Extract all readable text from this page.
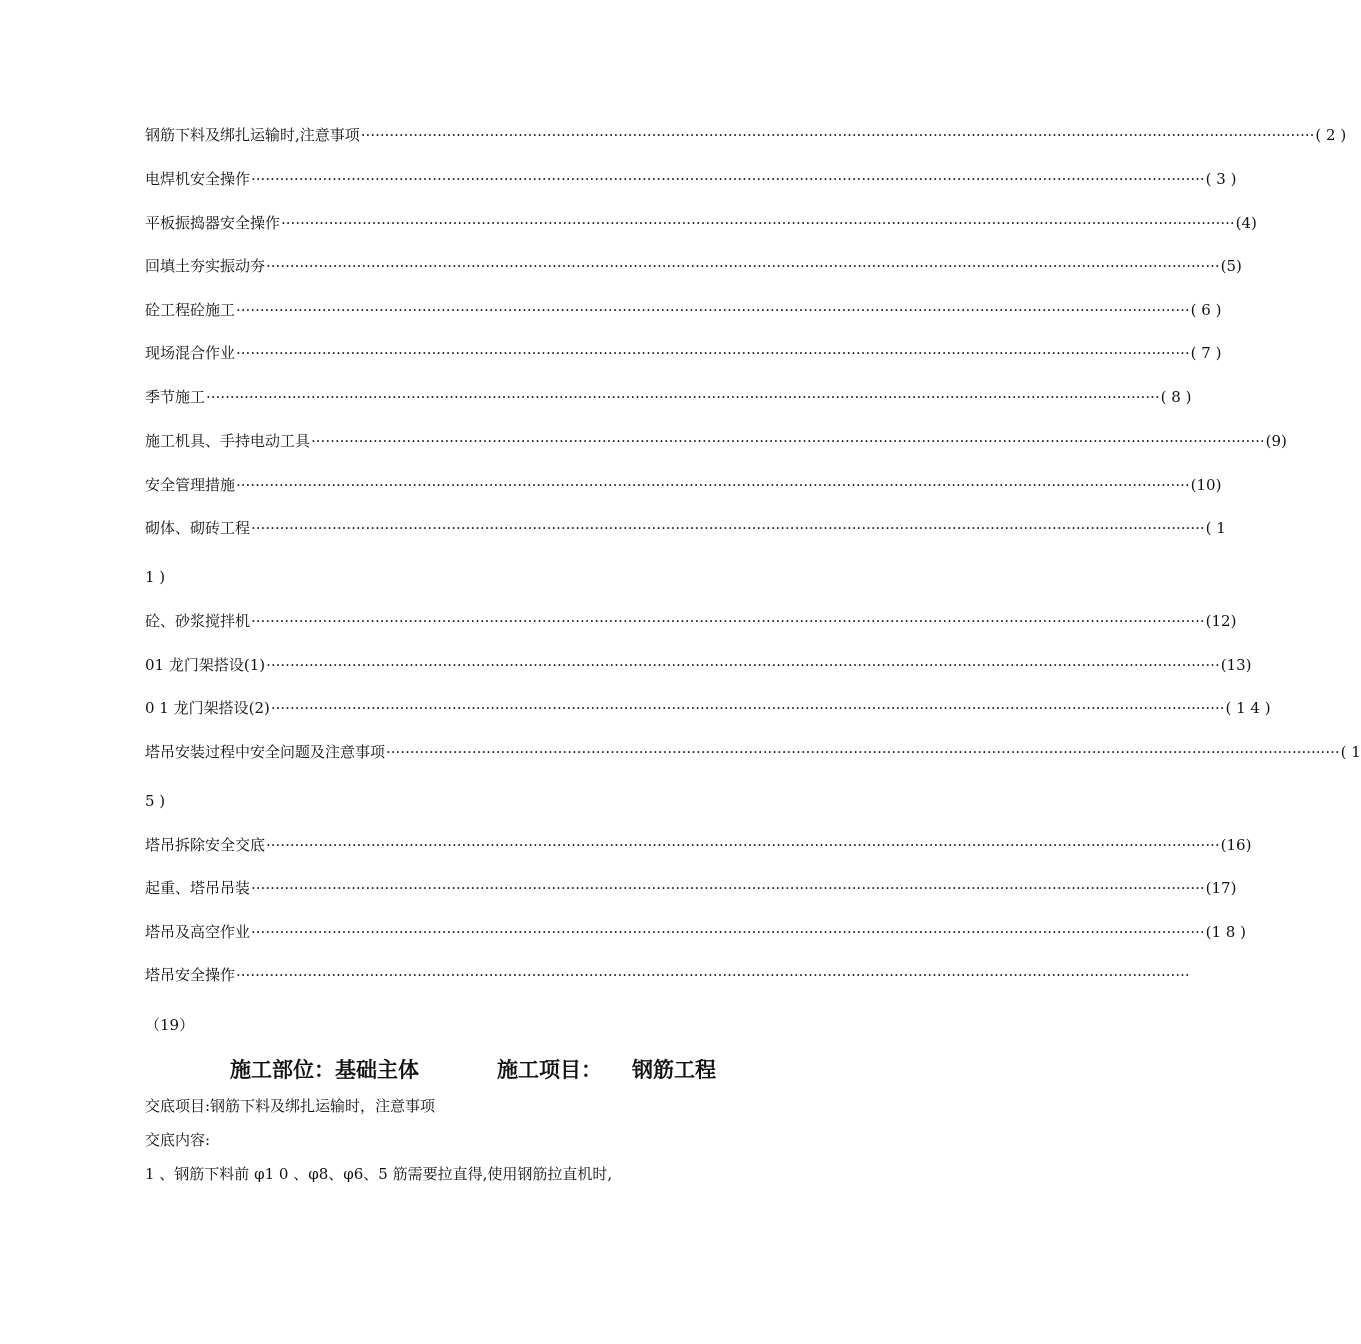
钢筋下料及绑扎运输时,注意事项 ········································································································································································································ ( 2 )
电焊机安全操作 ········································································································································································································ ( 3 )
平板振捣器安全操作 ········································································································································································································ (4)
回填土夯实振动夯 ········································································································································································································ (5)
砼工程砼施工 ········································································································································································································ ( 6 )
现场混合作业 ········································································································································································································ ( 7 )
季节施工 ········································································································································································································ ( 8 )
施工机具、手持电动工具 ········································································································································································································ (9)
安全管理措施 ········································································································································································································ (10)
砌体、砌砖工程 ········································································································································································································ ( 1
1 )
砼、砂浆搅拌机 ········································································································································································································ (12)
01 龙门架搭设(1) ········································································································································································································ (13)
0 1 龙门架搭设(2) ········································································································································································································ ( 1 4 )
塔吊安装过程中安全问题及注意事项 ········································································································································································································ ( 1
5 )
塔吊拆除安全交底 ········································································································································································································ (16)
起重、塔吊吊装 ········································································································································································································ (17)
塔吊及高空作业 ········································································································································································································ (1 8 )
塔吊安全操作 ········································································································································································································
（19）
施工部位：基础主体	施工项目： 钢筋工程
交底项目:钢筋下料及绑扎运输时，注意事项
交底内容:
1 、钢筋下料前 φ1 0 、φ8、φ6、5 筋需要拉直得,使用钢筋拉直机时,
